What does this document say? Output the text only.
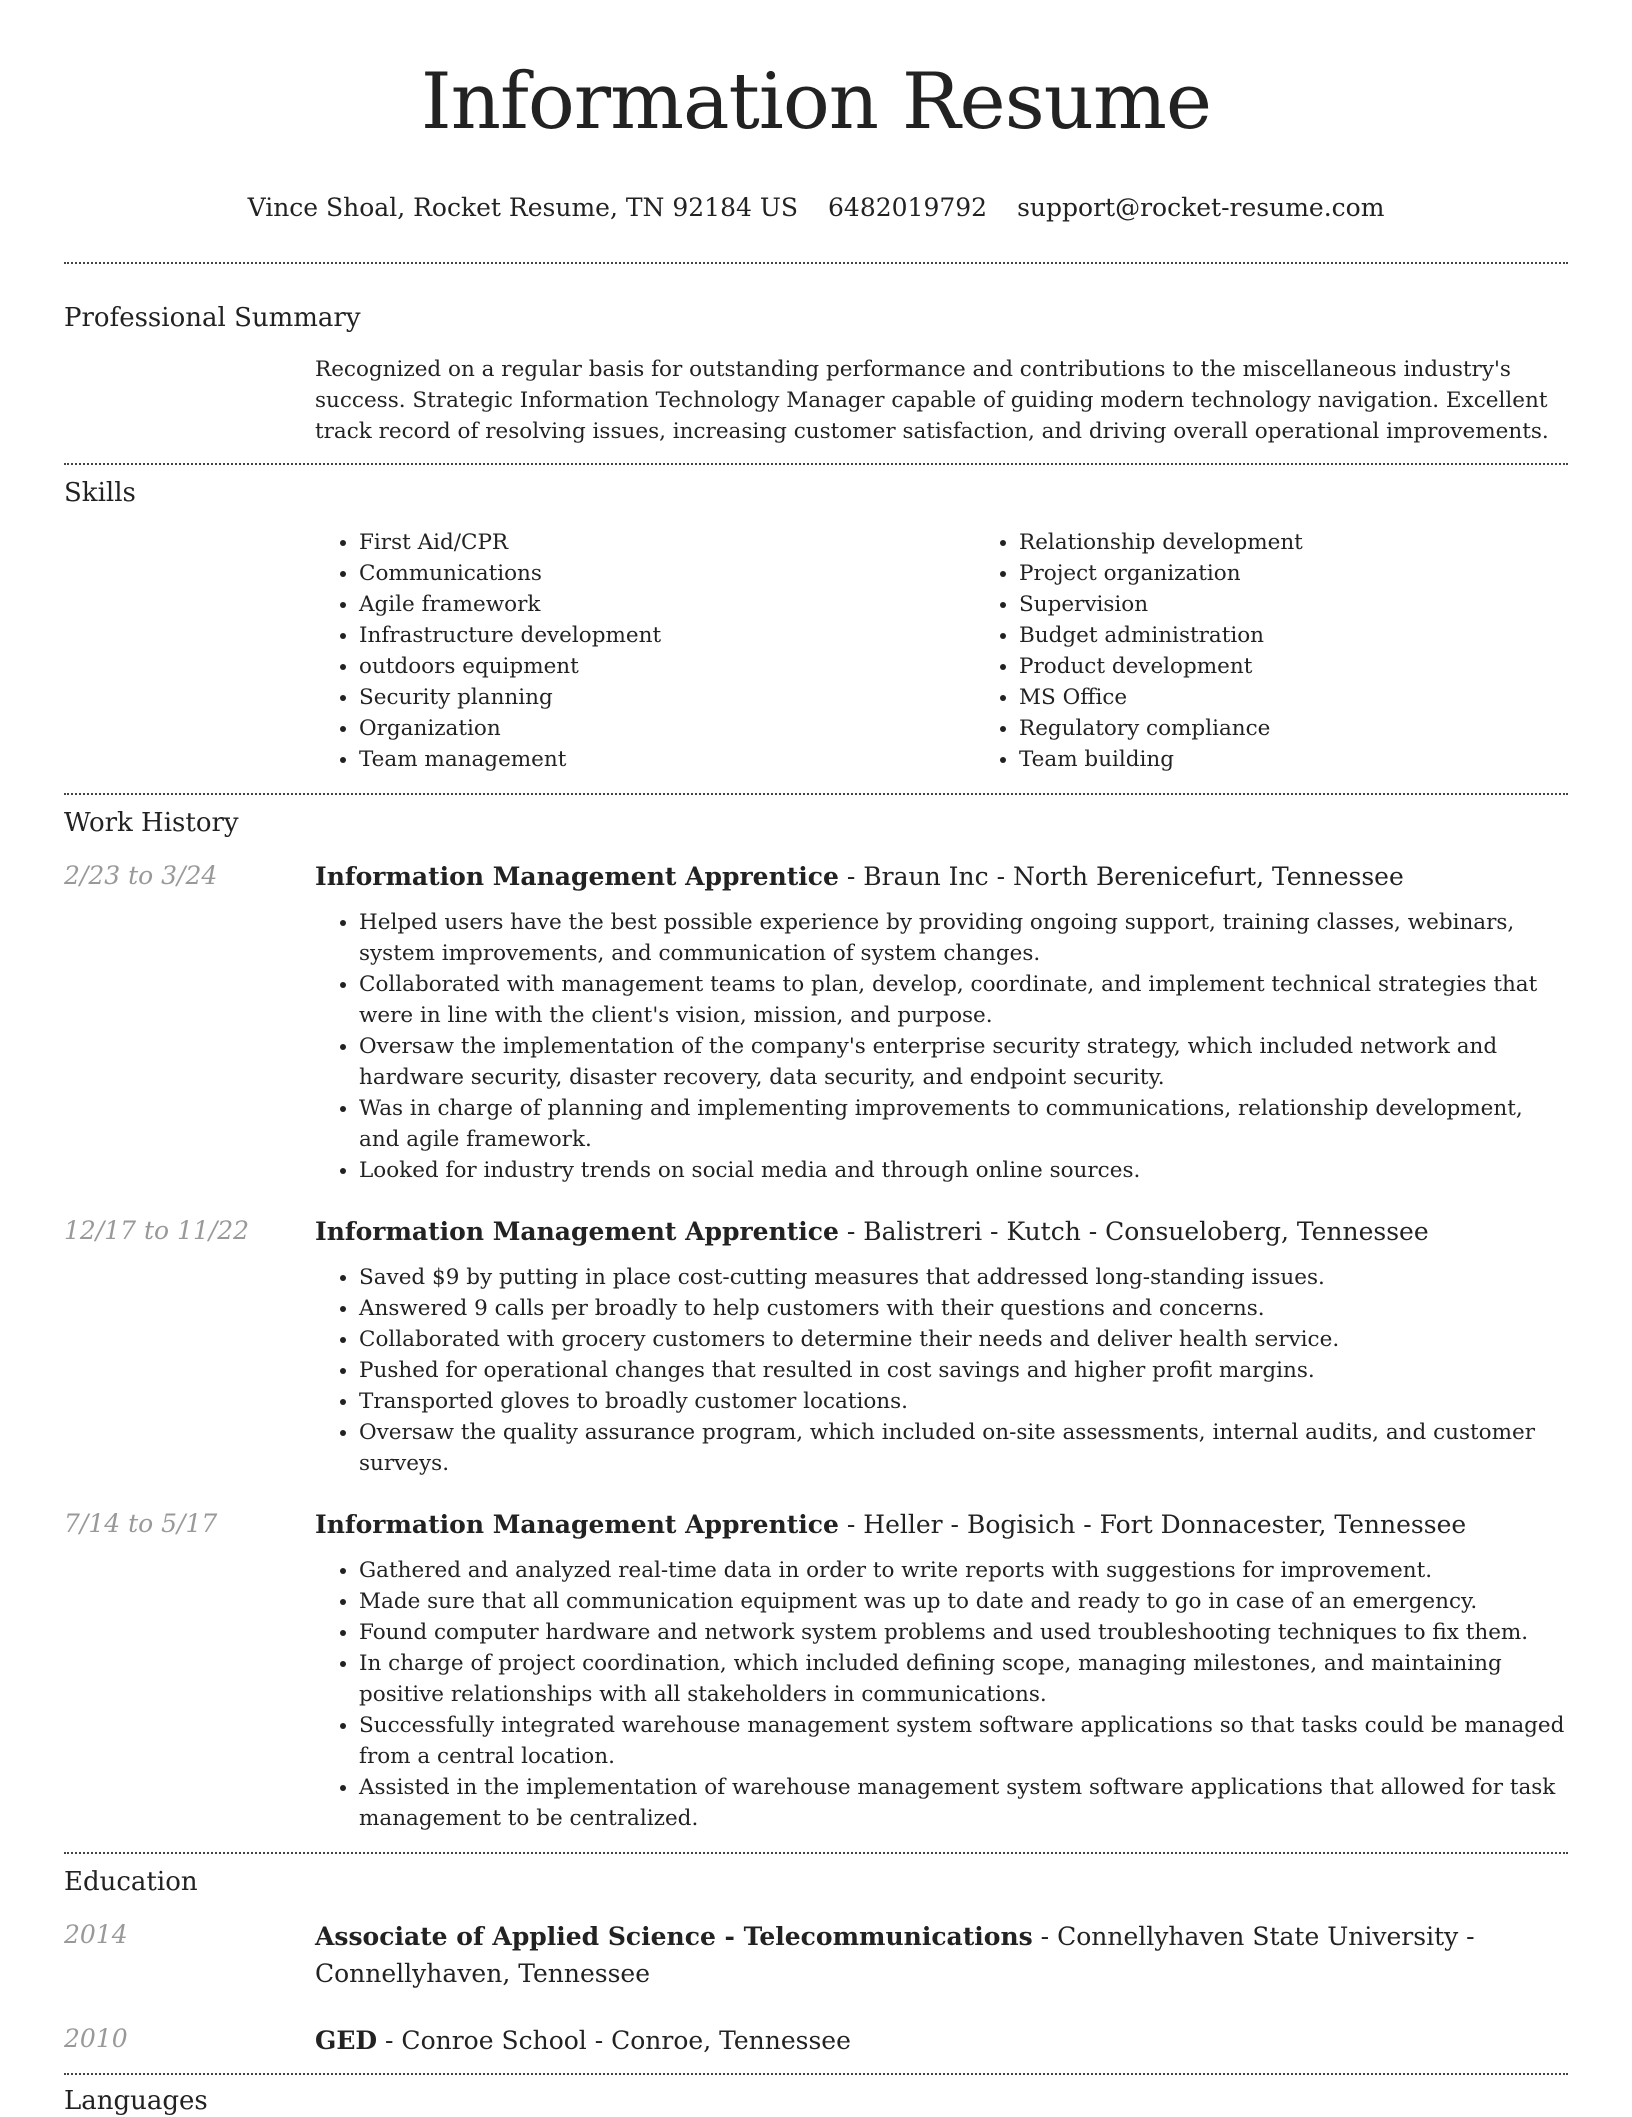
Information Resume
Vince Shoal, Rocket Resume, TN 92184 US 6482019792 support@rocket-resume.com
Professional Summary

Recognized on a regular basis for outstanding performance and contributions to the miscellaneous industry's success. Strategic Information Technology Manager capable of guiding modern technology navigation. Excellent track record of resolving issues, increasing customer satisfaction, and driving overall operational improvements.

Skills
• First Aid/CPR
• Communications
• Agile framework
• Infrastructure development
• outdoors equipment
• Security planning
• Organization
• Team management
• Relationship development
• Project organization
• Supervision
• Budget administration
• Product development
• MS Office
• Regulatory compliance
• Team building
Work History
2/23 to 3/24	Information Management Apprentice - Braun Inc - North Berenicefurt, Tennessee

• Helped users have the best possible experience by providing ongoing support, training classes, webinars, system improvements, and communication of system changes.
• Collaborated with management teams to plan, develop, coordinate, and implement technical strategies that were in line with the client's vision, mission, and purpose.
• Oversaw the implementation of the company's enterprise security strategy, which included network and hardware security, disaster recovery, data security, and endpoint security.
• Was in charge of planning and implementing improvements to communications, relationship development, and agile framework.
• Looked for industry trends on social media and through online sources.
12/17 to 11/22	Information Management Apprentice - Balistreri - Kutch - Consueloberg, Tennessee

• Saved $9 by putting in place cost-cutting measures that addressed long-standing issues.
• Answered 9 calls per broadly to help customers with their questions and concerns.
• Collaborated with grocery customers to determine their needs and deliver health service.
• Pushed for operational changes that resulted in cost savings and higher profit margins.
• Transported gloves to broadly customer locations.
• Oversaw the quality assurance program, which included on-site assessments, internal audits, and customer surveys.
7/14 to 5/17	Information Management Apprentice - Heller - Bogisich - Fort Donnacester, Tennessee

• Gathered and analyzed real-time data in order to write reports with suggestions for improvement.
• Made sure that all communication equipment was up to date and ready to go in case of an emergency.
• Found computer hardware and network system problems and used troubleshooting techniques to fix them.
• In charge of project coordination, which included defining scope, managing milestones, and maintaining positive relationships with all stakeholders in communications.
• Successfully integrated warehouse management system software applications so that tasks could be managed from a central location.
• Assisted in the implementation of warehouse management system software applications that allowed for task management to be centralized.
Education
2014	Associate of Applied Science - Telecommunications - Connellyhaven State University - Connellyhaven, Tennessee

2010	GED - Conroe School - Conroe, Tennessee

Languages
